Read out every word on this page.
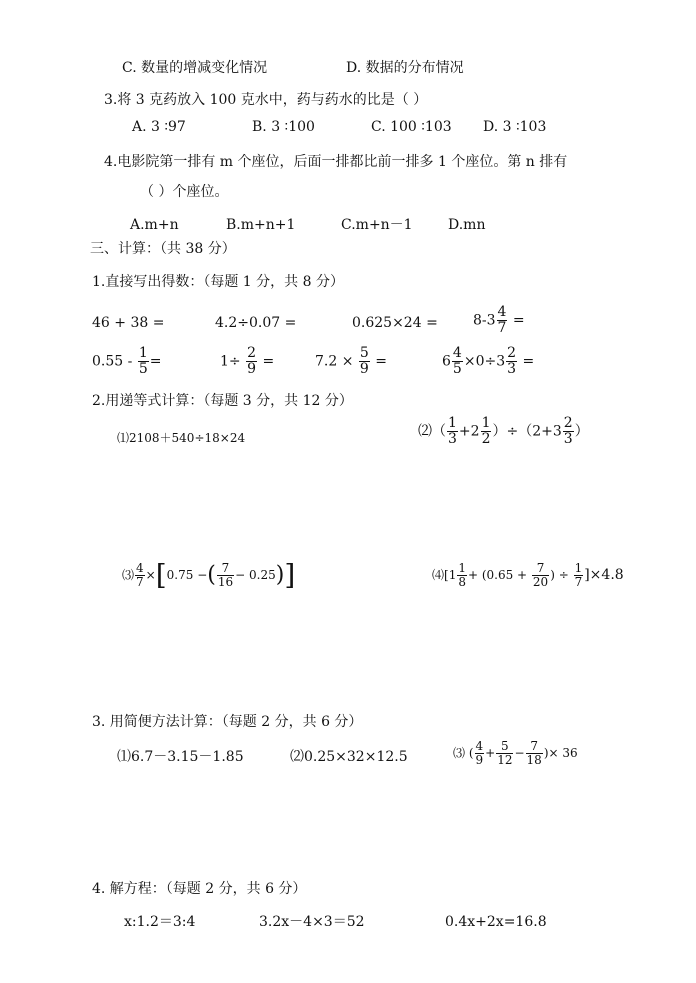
C. 数量的增减变化情况	D. 数据的分布情况
3.将 3 克药放入 100 克水中，药与药水的比是（ ）
A. 3 ∶97	B. 3 ∶100	C. 100 ∶103 D. 3 ∶103
4.电影院第一排有 m 个座位，后面一排都比前一排多 1 个座位。第 n 排有
（ ）个座位。
A.m+n	B.m+n+1	C.m+n－1	D.mn
三、计算：（共 38 分）
1.直接写出得数：（每题 1 分，共 8 分）
46 + 38 =	4.2÷0.07 =	0.625×24 =	$8-3 \frac{4}{7}$ =
$0.55 - \frac{1}{5}$ =	$1\div \frac{2}{9}$ =	$7.2 \times \frac{5}{9}$ =	$6 \frac{4}{5} \times 0\div 3 \frac{2}{3}$ =
2.用递等式计算：（每题 3 分，共 12 分）
⑴2108＋540÷18×24	⑵（ $\frac{1}{3} +2 \frac{1}{2} )\div(2+3 \frac{2}{3}$ ）
⑶ $\frac{4}{7} \times[0.75$ −( $\frac{7}{16} - 0.25$)]	⑷[1 $\frac{1}{8} + (0.65 + \frac{7}{20}$ ) ÷ $\frac{1}{7} ]\times 4.8$
3. 用简便方法计算：（每题 2 分，共 6 分）
⑴6.7－3.15－1.85	⑵0.25×32×12.5	⑶ ( $\frac{4}{9} + \frac{5}{12} - \frac{7}{18}$ )× 36
4. 解方程：（每题 2 分，共 6 分）
x:1.2＝3:4	3.2x－4×3＝52	0.4x+2x=16.8
